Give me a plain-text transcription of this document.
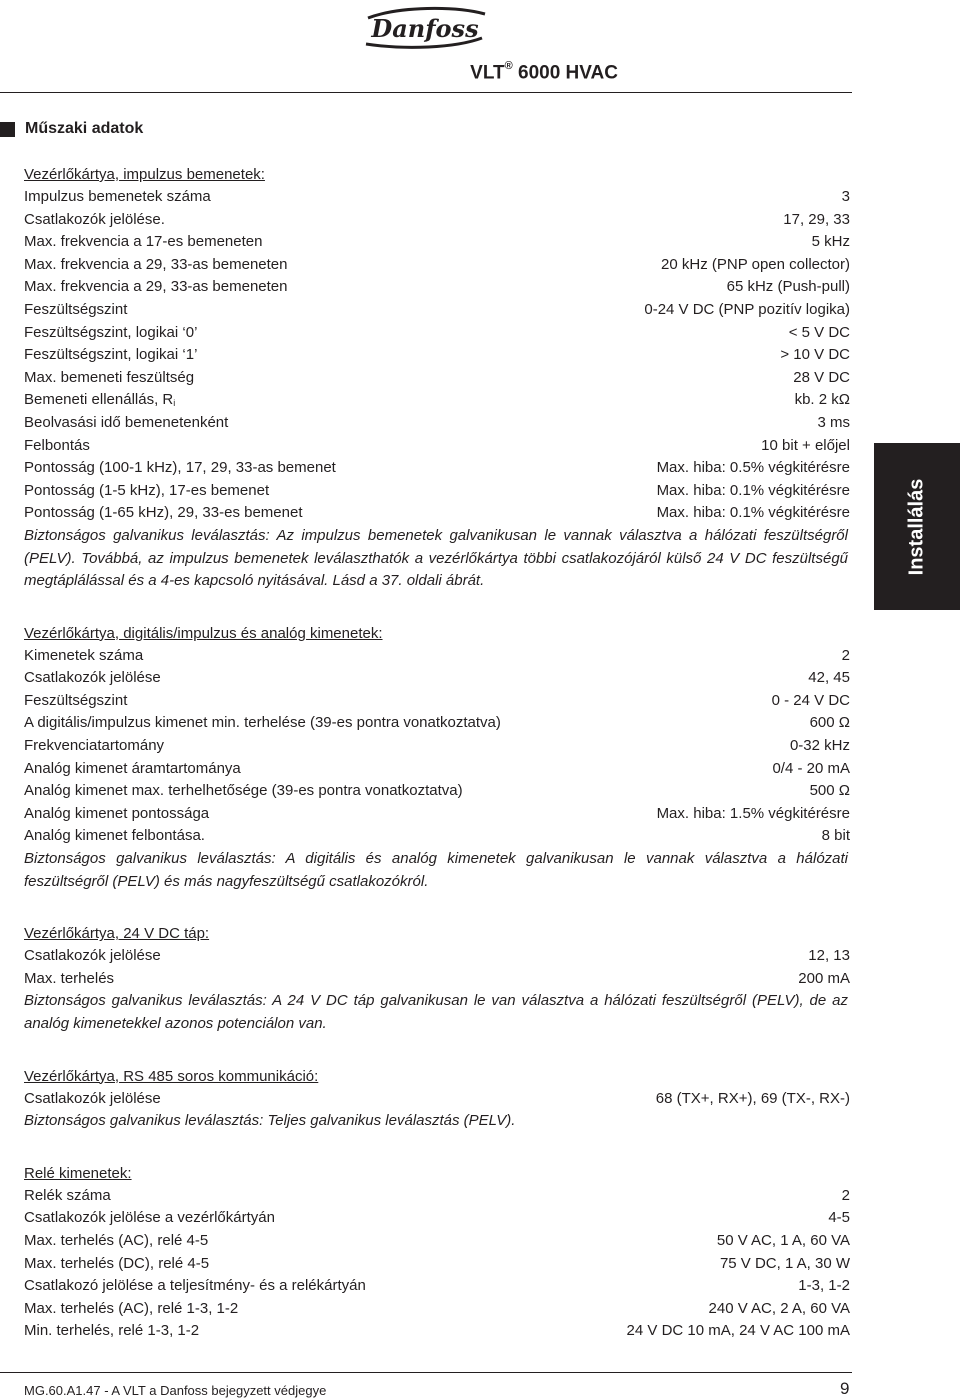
Danfoss
VLT® 6000 HVAC
Műszaki adatok
Installálás
Vezérlőkártya, impulzus bemenetek:
Impulzus bemenetek száma	3
Csatlakozók jelölése.	17, 29, 33
Max. frekvencia a 17-es bemeneten	5 kHz
Max. frekvencia a 29, 33-as bemeneten	20 kHz (PNP open collector)
Max. frekvencia a 29, 33-as bemeneten	65 kHz (Push-pull)
Feszültségszint	0-24 V DC (PNP pozitív logika)
Feszültségszint, logikai ‘0’	< 5 V DC
Feszültségszint, logikai ‘1’	> 10 V DC
Max. bemeneti feszültség	28 V DC
Bemeneti ellenállás, $R_i$	kb. 2 kΩ
Beolvasási idő bemenetenként	3 ms
Felbontás	10 bit + előjel
Pontosság (100-1 kHz), 17, 29, 33-as bemenet	Max. hiba: 0.5% végkitérésre
Pontosság (1-5 kHz), 17-es bemenet	Max. hiba: 0.1% végkitérésre
Pontosság (1-65 kHz), 29, 33-es bemenet	Max. hiba: 0.1% végkitérésre

Biztonságos galvanikus leválasztás: Az impulzus bemenetek galvanikusan le vannak választva a hálózati feszültségről (PELV). Továbbá, az impulzus bemenetek leválaszthatók a vezérlőkártya többi csatlakozójáról külső 24 V DC feszültségű megtáplálással és a 4-es kapcsoló nyitásával. Lásd a 37. oldali ábrát.

Vezérlőkártya, digitális/impulzus és analóg kimenetek:
Kimenetek száma	2
Csatlakozók jelölése	42, 45
Feszültségszint	0 - 24 V DC
A digitális/impulzus kimenet min. terhelése (39-es pontra vonatkoztatva)	600 Ω
Frekvenciatartomány	0-32 kHz
Analóg kimenet áramtartománya	0/4 - 20 mA
Analóg kimenet max. terhelhetősége (39-es pontra vonatkoztatva)	500 Ω
Analóg kimenet pontossága	Max. hiba: 1.5% végkitérésre
Analóg kimenet felbontása.	8 bit

Biztonságos galvanikus leválasztás: A digitális és analóg kimenetek galvanikusan le vannak választva a hálózati feszültségről (PELV) és más nagyfeszültségű csatlakozókról.

Vezérlőkártya, 24 V DC táp:
Csatlakozók jelölése	12, 13
Max. terhelés	200 mA

Biztonságos galvanikus leválasztás: A 24 V DC táp galvanikusan le van választva a hálózati feszültségről (PELV), de az analóg kimenetekkel azonos potenciálon van.

Vezérlőkártya, RS 485 soros kommunikáció:
Csatlakozók jelölése	68 (TX+, RX+), 69 (TX-, RX-)

Biztonságos galvanikus leválasztás: Teljes galvanikus leválasztás (PELV).

Relé kimenetek:
Relék száma	2
Csatlakozók jelölése a vezérlőkártyán	4-5
Max. terhelés (AC), relé 4-5	50 V AC, 1 A, 60 VA
Max. terhelés (DC), relé 4-5	75 V DC, 1 A, 30 W
Csatlakozó jelölése a teljesítmény- és a relékártyán	1-3, 1-2
Max. terhelés (AC), relé 1-3, 1-2	240 V AC, 2 A, 60 VA
Min. terhelés, relé 1-3, 1-2	24 V DC 10 mA, 24 V AC 100 mA
MG.60.A1.47 - A VLT a Danfoss bejegyzett védjegye	9
